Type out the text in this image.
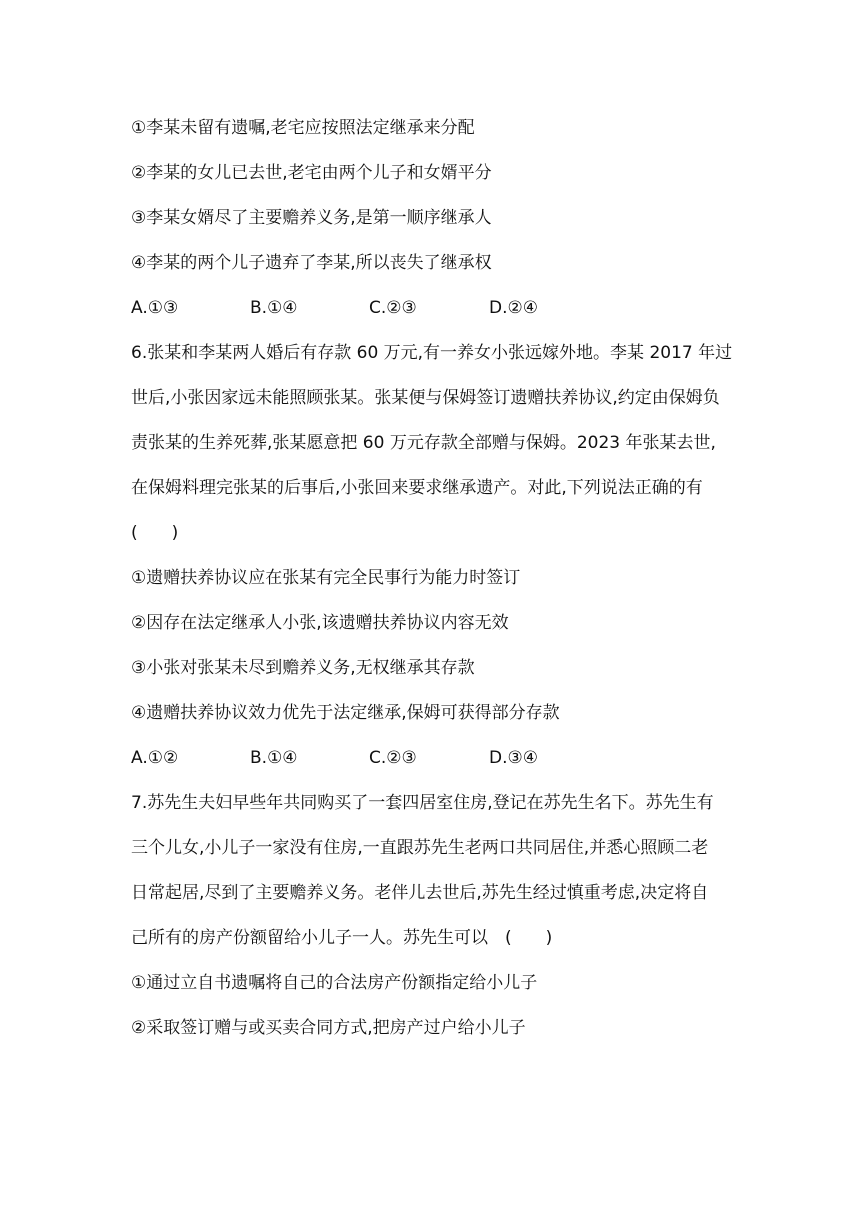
①李某未留有遗嘱,老宅应按照法定继承来分配
②李某的女儿已去世,老宅由两个儿子和女婿平分
③李某女婿尽了主要赡养义务,是第一顺序继承人
④李某的两个儿子遗弃了李某,所以丧失了继承权
A.①③	B.①④	C.②③	D.②④
6.张某和李某两人婚后有存款 60 万元,有一养女小张远嫁外地。李某 2017 年过
世后,小张因家远未能照顾张某。张某便与保姆签订遗赠扶养协议,约定由保姆负
责张某的生养死葬,张某愿意把 60 万元存款全部赠与保姆。2023 年张某去世,
在保姆料理完张某的后事后,小张回来要求继承遗产。对此,下列说法正确的有
(　　)
①遗赠扶养协议应在张某有完全民事行为能力时签订
②因存在法定继承人小张,该遗赠扶养协议内容无效
③小张对张某未尽到赡养义务,无权继承其存款
④遗赠扶养协议效力优先于法定继承,保姆可获得部分存款
A.①②	B.①④	C.②③	D.③④
7.苏先生夫妇早些年共同购买了一套四居室住房,登记在苏先生名下。苏先生有
三个儿女,小儿子一家没有住房,一直跟苏先生老两口共同居住,并悉心照顾二老
日常起居,尽到了主要赡养义务。老伴儿去世后,苏先生经过慎重考虑,决定将自
己所有的房产份额留给小儿子一人。苏先生可以　(　　)
①通过立自书遗嘱将自己的合法房产份额指定给小儿子
②采取签订赠与或买卖合同方式,把房产过户给小儿子
